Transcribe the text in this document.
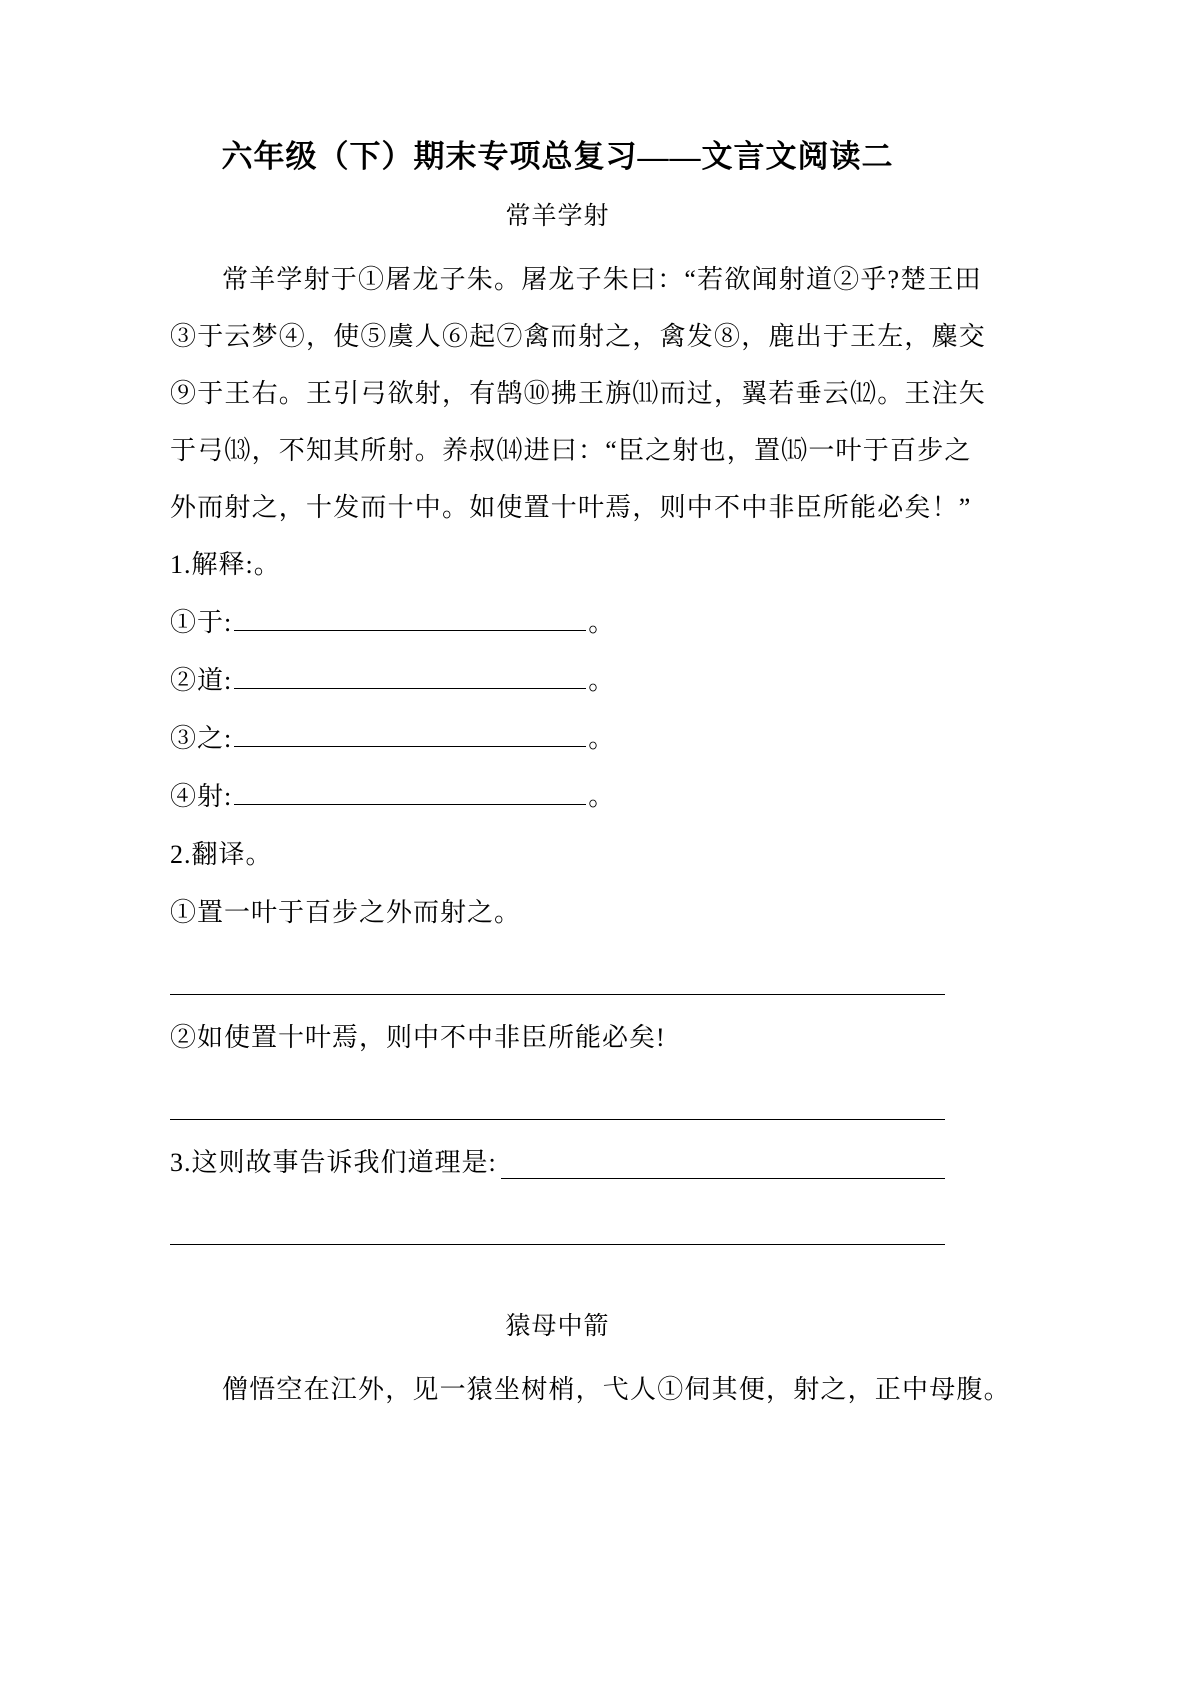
六年级（下）期末专项总复习——文言文阅读二
常羊学射
常羊学射于①屠龙子朱。屠龙子朱曰：“若欲闻射道②乎?楚王田
③于云梦④，使⑤虞人⑥起⑦禽而射之，禽发⑧，鹿出于王左，麋交
⑨于王右。王引弓欲射，有鹄⑩拂王旃⑾而过，翼若垂云⑿。王注矢
于弓⒀，不知其所射。养叔⒁进曰：“臣之射也，置⒂一叶于百步之
外而射之，十发而十中。如使置十叶焉，则中不中非臣所能必矣！”
1.解释:。
①于:	。
②道:	。
③之:	。
④射:	。
2.翻译。
①置一叶于百步之外而射之。
②如使置十叶焉，则中不中非臣所能必矣!
3.这则故事告诉我们道理是:
猿母中箭
僧悟空在江外，见一猿坐树梢，弋人①伺其便，射之，正中母腹。
